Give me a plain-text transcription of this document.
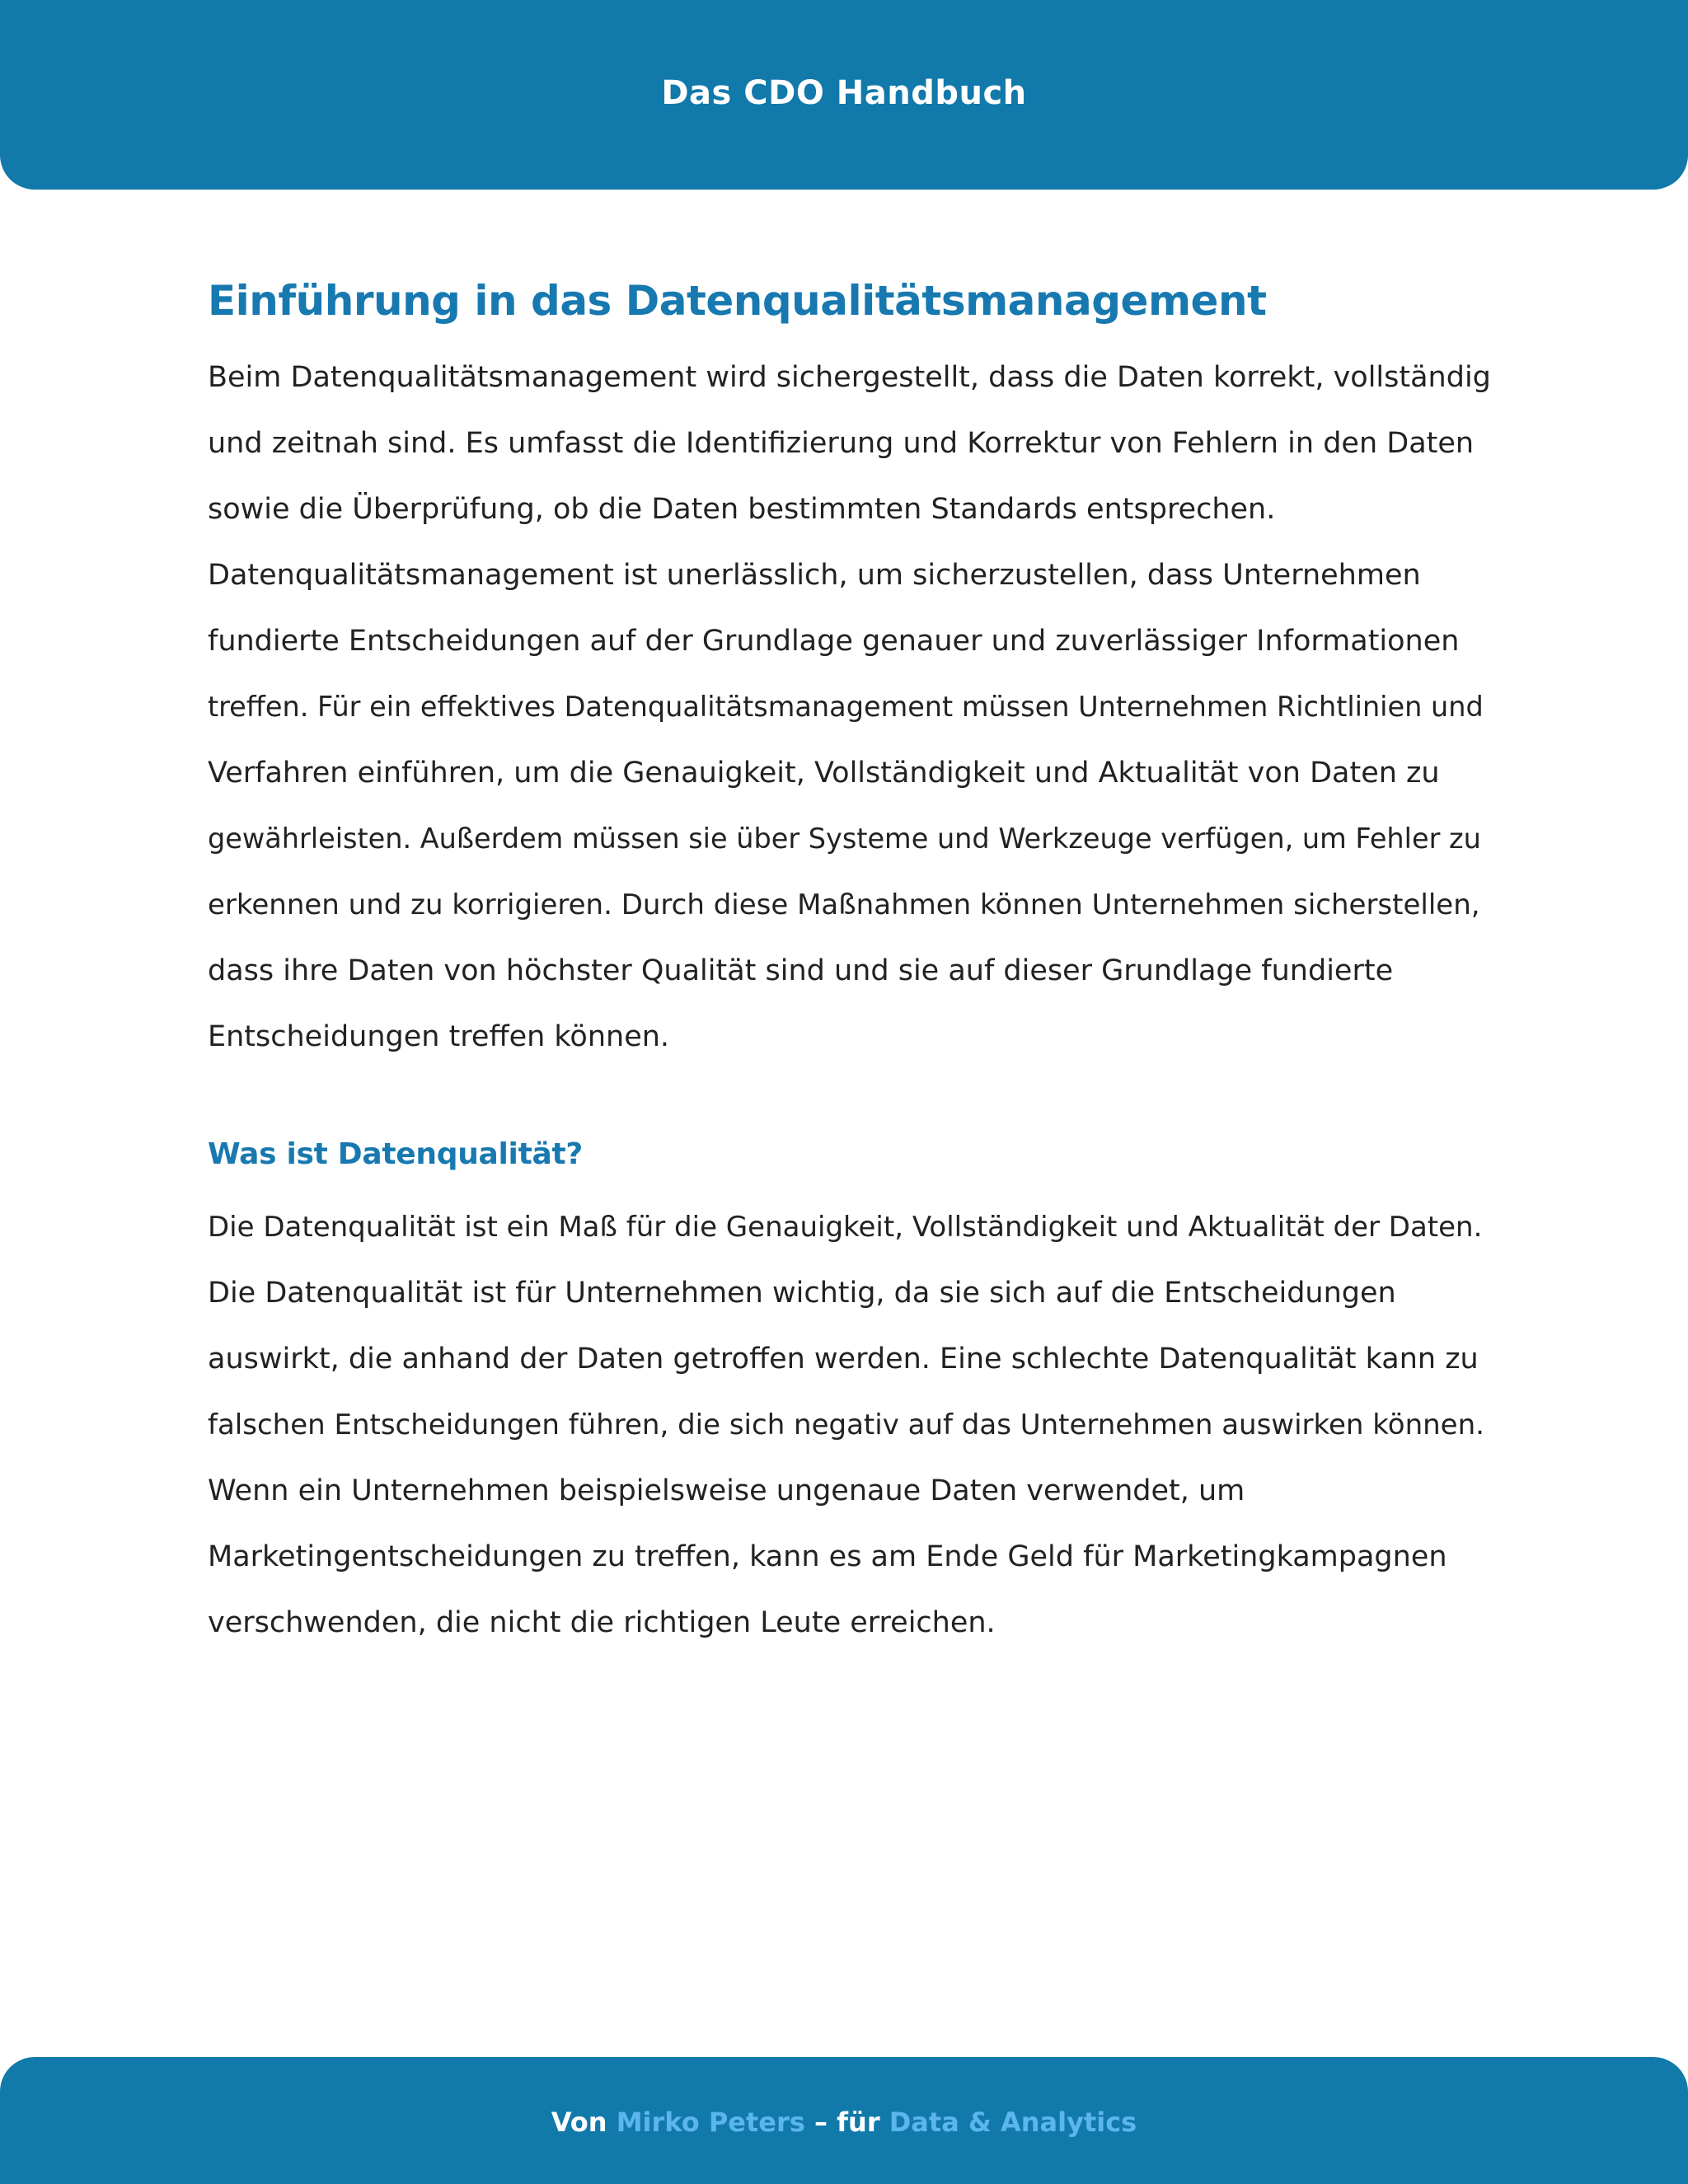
Das CDO Handbuch
Einführung in das Datenqualitätsmanagement

Beim Datenqualitätsmanagement wird sichergestellt, dass die Daten korrekt, vollständig
und zeitnah sind. Es umfasst die Identifizierung und Korrektur von Fehlern in den Daten
sowie die Überprüfung, ob die Daten bestimmten Standards entsprechen.
Datenqualitätsmanagement ist unerlässlich, um sicherzustellen, dass Unternehmen
fundierte Entscheidungen auf der Grundlage genauer und zuverlässiger Informationen
treffen. Für ein effektives Datenqualitätsmanagement müssen Unternehmen Richtlinien und
Verfahren einführen, um die Genauigkeit, Vollständigkeit und Aktualität von Daten zu
gewährleisten. Außerdem müssen sie über Systeme und Werkzeuge verfügen, um Fehler zu
erkennen und zu korrigieren. Durch diese Maßnahmen können Unternehmen sicherstellen,
dass ihre Daten von höchster Qualität sind und sie auf dieser Grundlage fundierte
Entscheidungen treffen können.

Was ist Datenqualität?

Die Datenqualität ist ein Maß für die Genauigkeit, Vollständigkeit und Aktualität der Daten.
Die Datenqualität ist für Unternehmen wichtig, da sie sich auf die Entscheidungen
auswirkt, die anhand der Daten getroffen werden. Eine schlechte Datenqualität kann zu
falschen Entscheidungen führen, die sich negativ auf das Unternehmen auswirken können.
Wenn ein Unternehmen beispielsweise ungenaue Daten verwendet, um
Marketingentscheidungen zu treffen, kann es am Ende Geld für Marketingkampagnen
verschwenden, die nicht die richtigen Leute erreichen.

Von Mirko Peters – für Data & Analytics
